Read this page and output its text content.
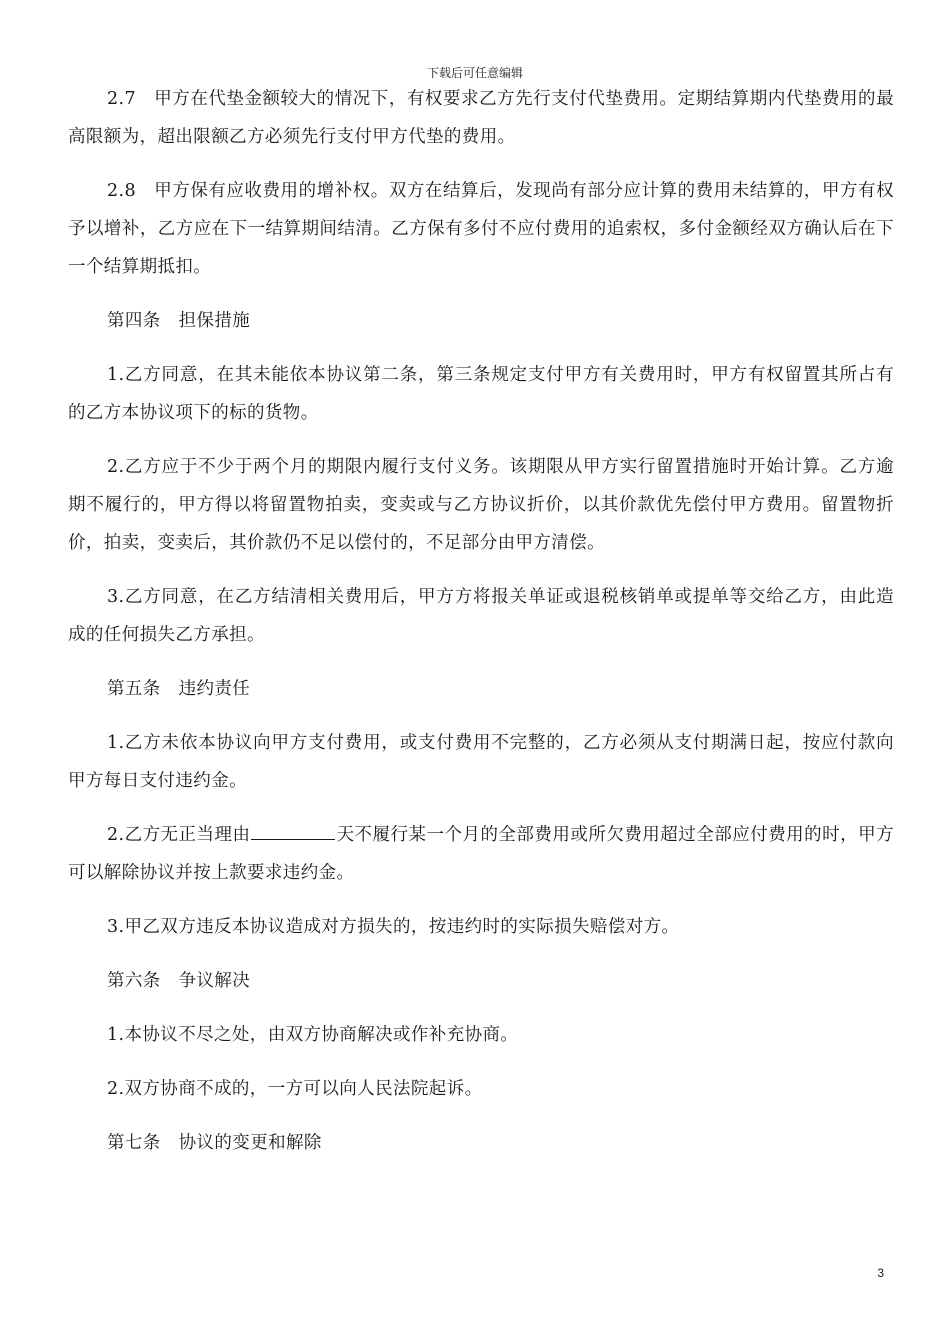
下载后可任意编辑

2.7　甲方在代垫金额较大的情况下，有权要求乙方先行支付代垫费用。定期结算期内代垫费用的最高限额为，超出限额乙方必须先行支付甲方代垫的费用。

2.8　甲方保有应收费用的增补权。双方在结算后，发现尚有部分应计算的费用未结算的，甲方有权予以增补，乙方应在下一结算期间结清。乙方保有多付不应付费用的追索权，多付金额经双方确认后在下一个结算期抵扣。

第四条　担保措施

1.乙方同意，在其未能依本协议第二条，第三条规定支付甲方有关费用时，甲方有权留置其所占有的乙方本协议项下的标的货物。

2.乙方应于不少于两个月的期限内履行支付义务。该期限从甲方实行留置措施时开始计算。乙方逾期不履行的，甲方得以将留置物拍卖，变卖或与乙方协议折价，以其价款优先偿付甲方费用。留置物折价，拍卖，变卖后，其价款仍不足以偿付的，不足部分由甲方清偿。

3.乙方同意，在乙方结清相关费用后，甲方方将报关单证或退税核销单或提单等交给乙方，由此造成的任何损失乙方承担。

第五条　违约责任

1.乙方未依本协议向甲方支付费用，或支付费用不完整的，乙方必须从支付期满日起，按应付款向甲方每日支付违约金。

2.乙方无正当理由	天不履行某一个月的全部费用或所欠费用超过全部应付费用的时，甲方可以解除协议并按上款要求违约金。

3.甲乙双方违反本协议造成对方损失的，按违约时的实际损失赔偿对方。

第六条　争议解决

1.本协议不尽之处，由双方协商解决或作补充协商。

2.双方协商不成的，一方可以向人民法院起诉。

第七条　协议的变更和解除

3
